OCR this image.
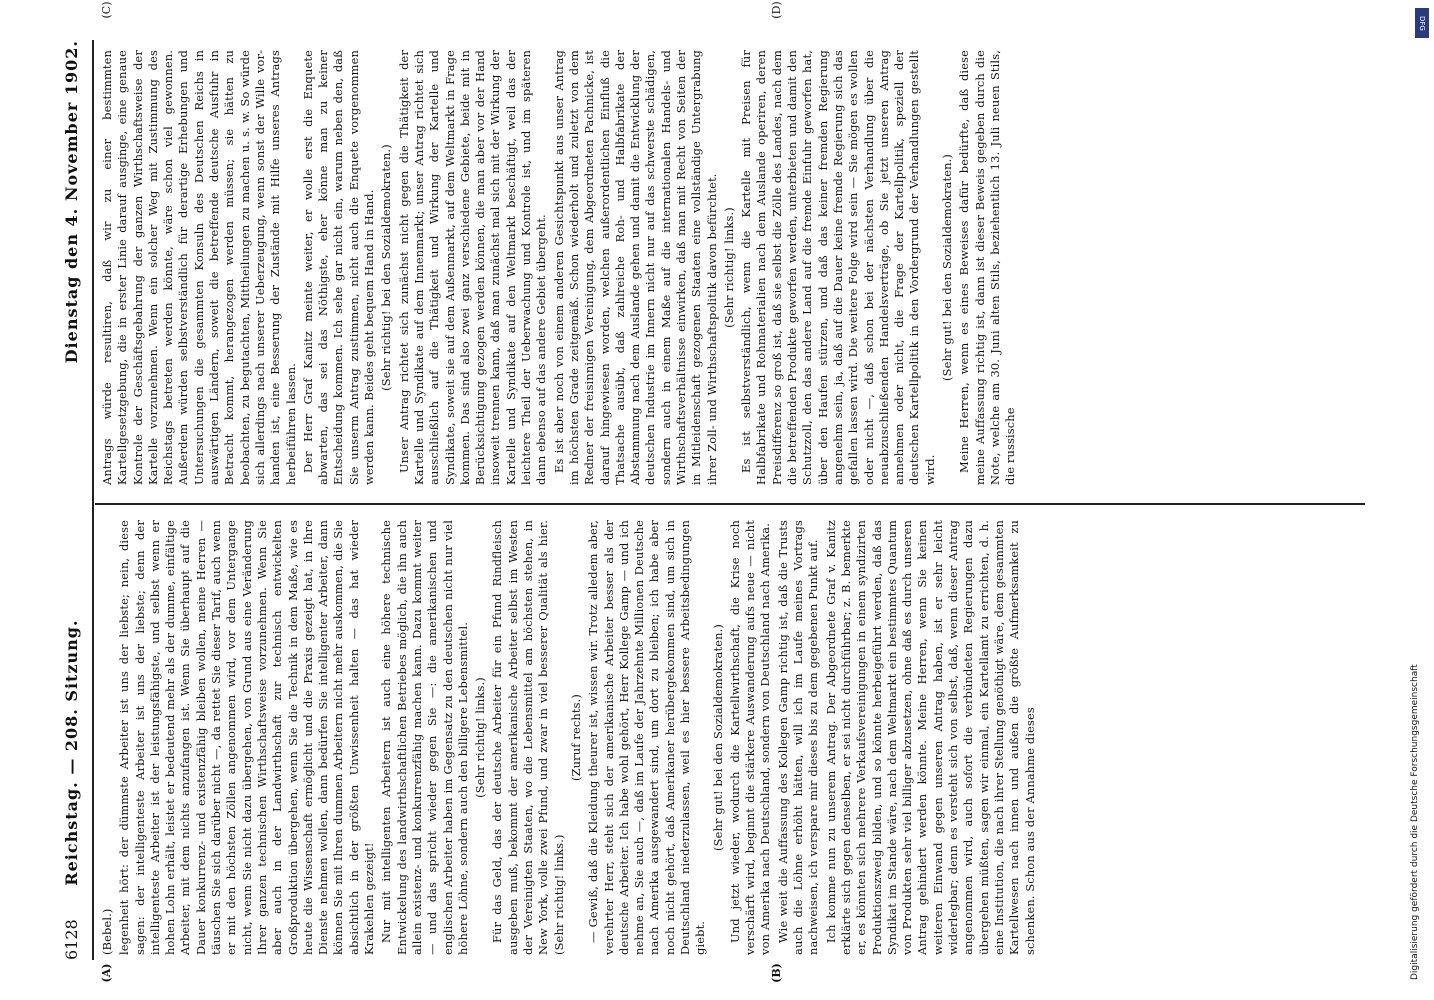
6128 Reichstag. — 208. Sitzung.
Dienstag den 4. November 1902.
(A)	(B)
(C)	(D)

(Bebel.) legenheit hört: der dümmste Arbeiter ist uns der liebste; nein, diese sagen: der intelligenteste Arbeiter ist uns der liebste; denn der intelligenteste Arbeiter ist der leistungsfähigste, und selbst wenn er hohen Lohn erhält, leistet er bedeutend mehr als der dumme, einfältige Arbeiter, mit dem nichts anzufangen ist. Wenn Sie überhaupt auf die Dauer konkurrenz- und existenzfähig bleiben wollen, meine Herren — täuschen Sie sich darüber nicht —, da rettet Sie dieser Tarif, auch wenn er mit den höchsten Zöllen angenommen wird, vor dem Untergange nicht, wenn Sie nicht dazu übergehen, von Grund aus eine Veränderung Ihrer ganzen technischen Wirthschaftsweise vorzunehmen. Wenn Sie aber auch in der Landwirthschaft zur technisch entwickelten Großproduktion übergehen, wenn Sie die Technik in dem Maße, wie es heute die Wissenschaft ermöglicht und die Praxis gezeigt hat, in Ihre Dienste nehmen wollen, dann bedürfen Sie intelligenter Arbeiter, dann können Sie mit Ihren dummen Arbeitern nicht mehr auskommen, die Sie absichtlich in der größten Unwissenheit halten — das hat wieder Krakehlen gezeigt! Nur mit intelligenten Arbeitern ist auch eine höhere technische Entwickelung des landwirthschaftlichen Betriebes möglich, die ihn auch allein existenz- und konkurrenzfähig machen kann. Dazu kommt weiter — und das spricht wieder gegen Sie —: die amerikanischen und englischen Arbeiter haben im Gegensatz zu den deutschen nicht nur viel höhere Löhne, sondern auch den billigere Lebensmittel. (Sehr richtig! links.) Für das Geld, das der deutsche Arbeiter für ein Pfund Rindfleisch ausgeben muß, bekommt der amerikanische Arbeiter selbst im Westen der Vereinigten Staaten, wo die Lebensmittel am höchsten stehen, in New York, volle zwei Pfund, und zwar in viel besserer Qualität als hier. (Sehr richtig! links.)

(Zuruf rechts.) — Gewiß, daß die Kleidung theurer ist, wissen wir. Trotz alledem aber, verehrter Herr, steht sich der amerikanische Arbeiter besser als der deutsche Arbeiter. Ich habe wohl gehört, Herr Kollege Gamp — und ich nehme an, Sie auch —, daß im Laufe der Jahrzehnte Millionen Deutsche nach Amerika ausgewandert sind, um dort zu bleiben; ich habe aber noch nicht gehört, daß Amerikaner herübergekommen sind, um sich in Deutschland niederzulassen, weil es hier bessere Arbeitsbedingungen giebt.

(Sehr gut! bei den Sozialdemokraten.) Und jetzt wieder, wodurch die Kartellwirthschaft, die Krise noch verschärft wird, beginnt die stärkere Auswanderung aufs neue — nicht von Amerika nach Deutschland, sondern von Deutschland nach Amerika. Wie weit die Auffassung des Kollegen Gamp richtig ist, daß die Trusts auch die Löhne erhöht hätten, will ich im Laufe meines Vortrags nachweisen, ich verspare mir dieses bis zu dem gegebenen Punkt auf. Ich komme nun zu unserem Antrag. Der Abgeordnete Graf v. Kanitz erklärte sich gegen denselben, er sei nicht durchführbar; z. B. bemerkte er, es könnten sich mehrere Verkaufsvereinigungen in einem syndizirten Produktionszweig bilden, und so könnte herbeigeführt werden, daß das Syndikat im Stande wäre, nach dem Weltmarkt ein bestimmtes Quantum von Produkten sehr viel billiger abzusetzen, ohne daß es durch unseren Antrag gehindert werden könnte. Meine Herren, wenn Sie keinen weiteren Einwand gegen unseren Antrag haben, ist er sehr leicht widerlegbar; denn es versteht sich von selbst, daß, wenn dieser Antrag angenommen wird, auch sofort die verbündeten Regierungen dazu übergehen müßten, sagen wir einmal, ein Kartellamt zu errichten, d. h. eine Institution, die nach ihrer Stellung genöthigt wäre, dem gesammten Kartellwesen nach innen und außen die größte Aufmerksamkeit zu schenken. Schon aus der Annahme dieses

Antrags würde resultiren, daß wir zu einer bestimmten Kartellgesetzgebung, die in erster Linie darauf ausginge, eine genaue Kontrole der Geschäftsgebahrung der ganzen Wirthschaftsweise der Kartelle vorzunehmen. Wenn ein solcher Weg mit Zustimmung des Reichstags betreten werden könnte, wäre schon viel gewonnen. Außerdem würden selbstverständlich für derartige Erhebungen und Untersuchungen die gesammten Konsuln des Deutschen Reichs in auswärtigen Ländern, soweit die betreffende deutsche Ausfuhr in Betracht kommt, herangezogen werden müssen; sie hätten zu beobachten, zu begutachten, Mittheilungen zu machen u. s. w. So würde sich allerdings nach unserer Ueberzeugung, wenn sonst der Wille vorhanden ist, eine Besserung der Zustände mit Hilfe unseres Antrags herbeiführen lassen. Der Herr Graf Kanitz meinte weiter, er wolle erst die Enquete abwarten, das sei das Nöthigste, eher könne man zu keiner Entscheidung kommen. Ich sehe gar nicht ein, warum neben den, daß Sie unserm Antrag zustimmen, nicht auch die Enquete vorgenommen werden kann. Beides geht bequem Hand in Hand. (Sehr richtig! bei den Sozialdemokraten.) Unser Antrag richtet sich zunächst nicht gegen die Thätigkeit der Kartelle und Syndikate auf dem Innenmarkt; unser Antrag richtet sich ausschließlich auf die Thätigkeit und Wirkung der Kartelle und Syndikate, soweit sie auf dem Außenmarkt, auf dem Weltmarkt in Frage kommen. Das sind also zwei ganz verschiedene Gebiete, beide mit in Berücksichtigung gezogen werden können, die man aber vor der Hand insoweit trennen kann, daß man zunächst mal sich mit der Wirkung der Kartelle und Syndikate auf den Weltmarkt beschäftigt, weil das der leichtere Theil der Ueberwachung und Kontrole ist, und im späteren dann ebenso auf das andere Gebiet übergeht. Es ist aber noch von einem anderen Gesichtspunkt aus unser Antrag im höchsten Grade zeitgemäß. Schon wiederholt und zuletzt von dem Redner der freisinnigen Vereinigung, dem Abgeordneten Pachnicke, ist darauf hingewiesen worden, welchen außerordentlichen Einfluß die Thatsache ausübt, daß zahlreiche Roh- und Halbfabrikate der Abstammung nach dem Auslande gehen und damit die Entwicklung der deutschen Industrie im Innern nicht nur auf das schwerste schädigen, sondern auch in einem Maße auf die internationalen Handels- und Wirthschaftsverhältnisse einwirken, daß man mit Recht von Seiten der in Mitleidenschaft gezogenen Staaten eine vollständige Untergrabung ihrer Zoll- und Wirthschaftspolitik davon befürchtet. (Sehr richtig! links.) Es ist selbstverständlich, wenn die Kartelle mit Preisen für Halbfabrikate und Rohmaterialien nach dem Auslande operiren, deren Preisdifferenz so groß ist, daß sie selbst die Zölle des Landes, nach dem die betreffenden Produkte geworfen werden, unterbieten und damit den Schutzzoll, den das andere Land auf die fremde Einfuhr geworfen hat, über den Haufen stürzen, und daß das keiner fremden Regierung angenehm sein, ja, daß auf die Dauer keine fremde Regierung sich das gefallen lassen wird. Die weitere Folge wird sein — Sie mögen es wollen oder nicht —, daß schon bei der nächsten Verhandlung über die neuabzuschließenden Handelsverträge, ob Sie jetzt unseren Antrag annehmen oder nicht, die Frage der Kartellpolitik, speziell der deutschen Kartellpolitik in den Vordergrund der Verhandlungen gestellt wird.

(Sehr gut! bei den Sozialdemokraten.) Meine Herren, wenn es eines Beweises dafür bedürfte, daß diese meine Auffassung richtig ist, dann ist dieser Beweis gegeben durch die Note, welche am 30. Juni alten Stils, beziehentlich 13. Juli neuen Stils, die russische

Digitalisierung gefördert durch die Deutsche Forschungsgemeinschaft
DFG
